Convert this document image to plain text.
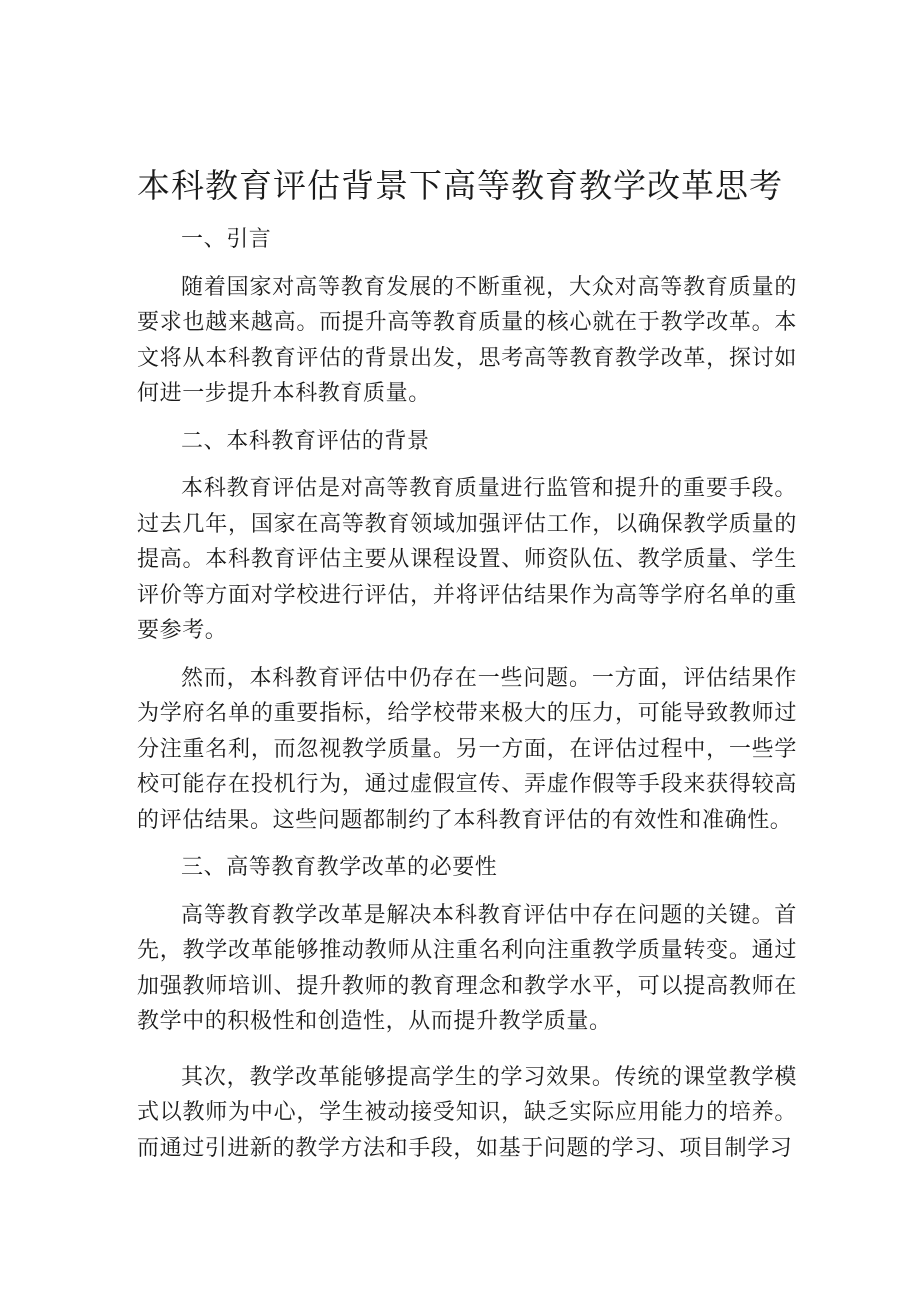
本科教育评估背景下高等教育教学改革思考

一、引言

随着国家对高等教育发展的不断重视，大众对高等教育质量的要求也越来越高。而提升高等教育质量的核心就在于教学改革。本文将从本科教育评估的背景出发，思考高等教育教学改革，探讨如何进一步提升本科教育质量。

二、本科教育评估的背景

本科教育评估是对高等教育质量进行监管和提升的重要手段。过去几年，国家在高等教育领域加强评估工作，以确保教学质量的提高。本科教育评估主要从课程设置、师资队伍、教学质量、学生评价等方面对学校进行评估，并将评估结果作为高等学府名单的重要参考。

然而，本科教育评估中仍存在一些问题。一方面，评估结果作为学府名单的重要指标，给学校带来极大的压力，可能导致教师过分注重名利，而忽视教学质量。另一方面，在评估过程中，一些学校可能存在投机行为，通过虚假宣传、弄虚作假等手段来获得较高的评估结果。这些问题都制约了本科教育评估的有效性和准确性。

三、高等教育教学改革的必要性

高等教育教学改革是解决本科教育评估中存在问题的关键。首先，教学改革能够推动教师从注重名利向注重教学质量转变。通过加强教师培训、提升教师的教育理念和教学水平，可以提高教师在教学中的积极性和创造性，从而提升教学质量。

其次，教学改革能够提高学生的学习效果。传统的课堂教学模式以教师为中心，学生被动接受知识，缺乏实际应用能力的培养。而通过引进新的教学方法和手段，如基于问题的学习、项目制学习
